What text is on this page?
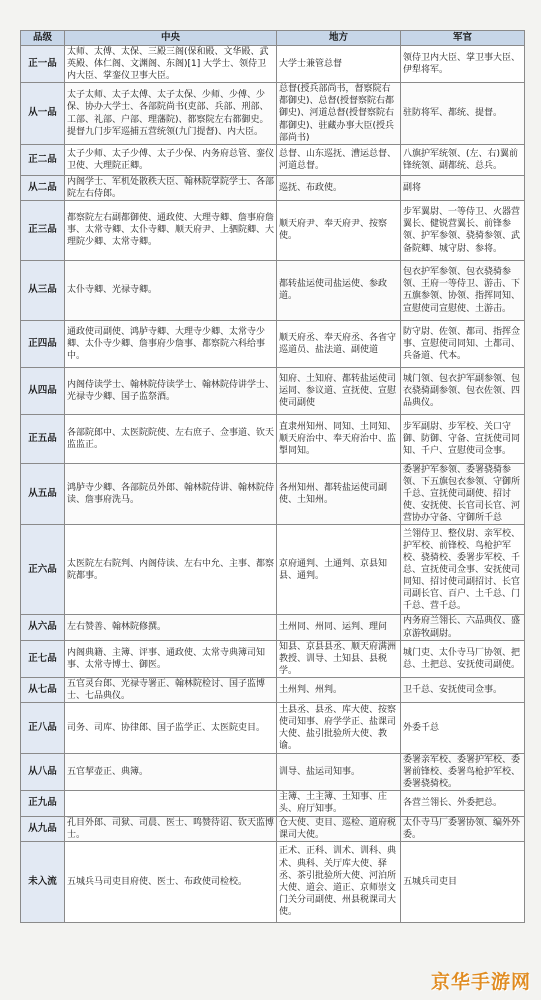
品级	中央	地方	军官
正一品	太师、太傅、太保、三殿三阁(保和殿、文华殿、武英殿、体仁阁、文渊阁、东阁)[1] 大学士、领侍卫内大臣、掌銮仪卫事大臣。	大学士兼管总督	领侍卫内大臣、掌卫事大臣、伊犁将军。
从一品	太子太师、太子太傅、太子太保、少师、少傅、少保、协办大学士、各部院尚书(吏部、兵部、刑部、工部、礼部、户部、理藩院)、都察院左右都御史。提督九门步军巡捕五营统领(九门提督)、内大臣。	总督(授兵部尚书，督察院右都御史)、总督(授督察院右都御史)、河道总督(授督察院右都御史)、驻藏办事大臣(授兵部尚书)	驻防将军、都统、提督。
正二品	太子少师、太子少傅、太子少保、内务府总管、銮仪卫使、大理院正卿。	总督、山东巡抚、漕运总督、河道总督。	八旗护军统领、(左、右)翼前锋统领、副都统、总兵。
从二品	内阁学士、军机处散秩大臣、翰林院掌院学士、各部院左右侍郎。	巡抚、布政使。	副将
正三品	都察院左右副都御使、通政使、大理寺卿、詹事府詹事、太常寺卿、太仆寺卿、顺天府尹、上驷院卿、大理院少卿、太常寺卿。	顺天府尹、奉天府尹、按察使。	步军翼尉、一等侍卫、火器营翼长、健锐营翼长、前锋参领、护军参领、骁骑参领、武备院卿、城守尉、参将。
从三品	太仆寺卿、光禄寺卿。	都转盐运使司盐运使、参政道。	包衣护军参领、包衣骁骑参领、王府一等侍卫、游击、下五旗参领、协领、指挥同知、宣慰使司宣慰使、土游击。
正四品	通政使司副使、鸿胪寺卿、大理寺少卿、太常寺少卿、太仆寺少卿、詹事府少詹事、都察院六科给事中。	顺天府丞、奉天府丞、各省守巡道员、盐法道、副使道	防守尉、佐领、都司、指挥佥事、宣慰使司同知、土都司、兵备道、代本。
从四品	内阁侍读学士、翰林院侍读学士、翰林院侍讲学士、光禄寺少卿、国子监祭酒。	知府、土知府、都转盐运使司运同、参议道、宣抚使、宣慰使司副使	城门领、包衣护军副参领、包衣骁骑副参领、包衣佐领、四品典仪。
正五品	各部院郎中、太医院院使、左右庶子、佥事道、钦天监监正。	直隶州知州、同知、土同知、顺天府治中、奉天府治中、监掣同知。	步军副尉、步军校、关口守御、防御、守备、宣抚使司同知、千户、宣慰使司佥事。
从五品	鸿胪寺少卿、各部院员外郎、翰林院侍讲、翰林院侍读、詹事府洗马。	各州知州、都转盐运使司副使、土知州。	委署护军参领、委署骁骑参领、下五旗包衣参领、守御所千总、宣抚使司副使、招讨使、安抚使、长官司长官、河营协办守备、守御所千总
正六品	太医院左右院判、内阁侍读、左右中允、主事、都察院都事。	京府通判、土通判、京县知县、通判。	兰翎侍卫、整仪尉、亲军校、护军校、前锋校、鸟枪护军校、骁骑校、委署步军校、千总、宣抚使司佥事、安抚使司同知、招讨使司副招讨、长官司副长官、百户、土千总、门千总、营千总。
从六品	左右赞善、翰林院修撰。	土州同、州同、运判、理问	内务府兰翎长、六品典仪、盛京游牧副尉。
正七品	内阁典籍、主簿、评事、通政使、太常寺典簿司知事、太常寺博士、御医。	知县、京县县丞、顺天府满洲教授、训导、土知县、县税学。	城门吏、太仆寺马厂协领、把总、土把总、安抚使司副使。
从七品	五官灵台郎、光禄寺署正、翰林院检讨、国子监博士、七品典仪。	土州判、州判。	卫千总、安抚使司佥事。
正八品	司务、司库、协律郎、国子监学正、太医院吏目。	土县丞、县丞、库大使、按察使司知事、府学学正、盐课司大使、盐引批验所大使、教谕。	外委千总
从八品	五官挈壶正、典簿。	训导、盐运司知事。	委署亲军校、委署护军校、委署前锋校、委署鸟枪护军校、委署骁骑校。
正九品		主簿、土主簿、土知事、庄头、府厅知事。	各营兰翎长、外委把总。
从九品	孔目外郎、司狱、司晨、医士、鸣赞待诏、钦天监博士。	仓大使、吏目、巡检、道府税课司大使。	太仆寺马厂委署协领、编外外委。
未入流	五城兵马司吏目府使、医士、布政使司检校。	正术、正科、训术、训科、典术、典科、关厅库大使、驿丞、茶引批验所大使、河泊所大使、道会、道正、京师崇文门关分司副使、州县税课司大使。	五城兵司吏目
京华手游网
